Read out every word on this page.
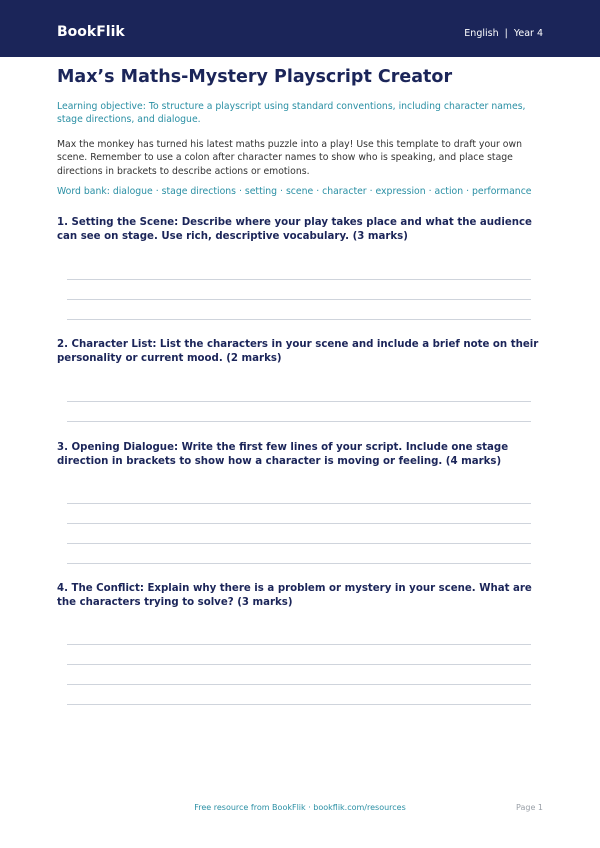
BookFlik	English | Year 4
Max’s Maths-Mystery Playscript Creator

Learning objective: To structure a playscript using standard conventions, including character names, stage directions, and dialogue.

Max the monkey has turned his latest maths puzzle into a play! Use this template to draft your own scene. Remember to use a colon after character names to show who is speaking, and place stage directions in brackets to describe actions or emotions.

Word bank: dialogue · stage directions · setting · scene · character · expression · action · performance

1. Setting the Scene: Describe where your play takes place and what the audience can see on stage. Use rich, descriptive vocabulary. (3 marks)

2. Character List: List the characters in your scene and include a brief note on their personality or current mood. (2 marks)

3. Opening Dialogue: Write the first few lines of your script. Include one stage direction in brackets to show how a character is moving or feeling. (4 marks)

4. The Conflict: Explain why there is a problem or mystery in your scene. What are the characters trying to solve? (3 marks)

Free resource from BookFlik · bookflik.com/resources	Page 1
